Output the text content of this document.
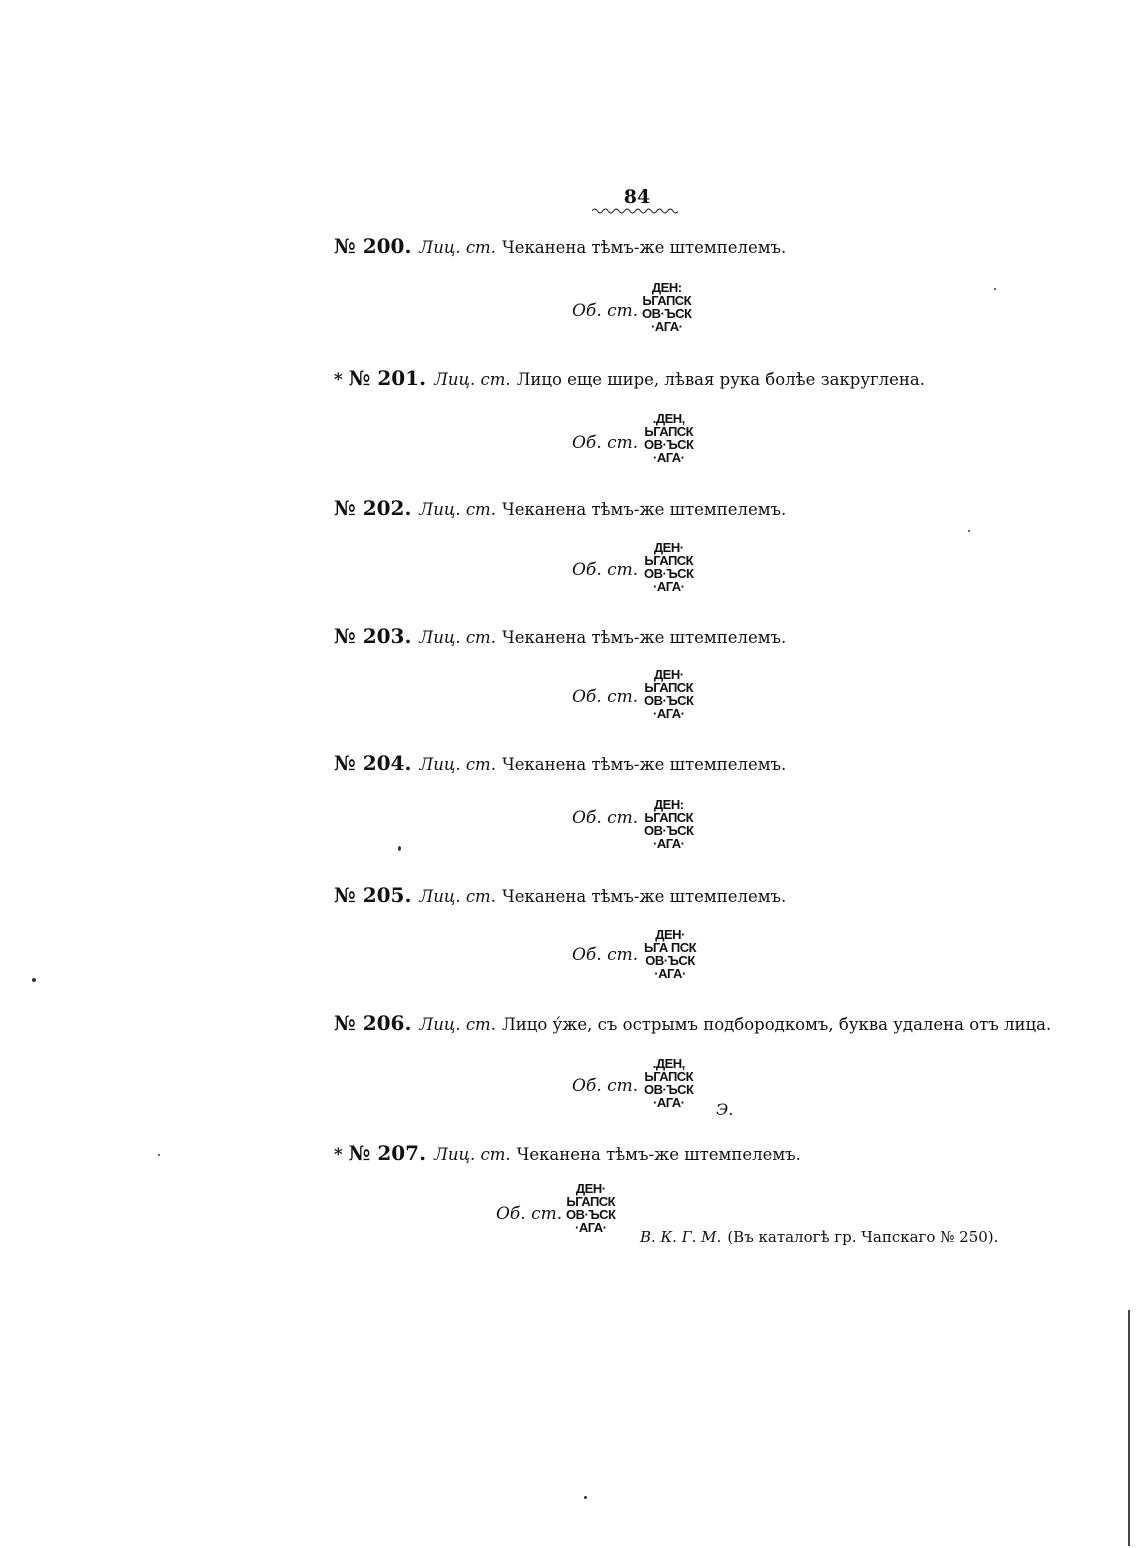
84
№ 200. Лиц. ст. Чеканена тѣмъ-же штемпелемъ.
Об. ст.
ДЕН:
ЬГАПСК
ОВ·ЪСК
·АГА·
* № 201. Лиц. ст. Лицо еще шире, лѣвая рука болѣе закруглена.
Об. ст.
.ДЕН,
ЬГАПСК
ОВ·ЪСК
·АГА·
№ 202. Лиц. ст. Чеканена тѣмъ-же штемпелемъ.
Об. ст.
ДЕН·
ЬГАПСК
ОВ·ЪСК
·АГА·
№ 203. Лиц. ст. Чеканена тѣмъ-же штемпелемъ.
Об. ст.
ДЕН·
ЬГАПСК
ОВ·ЪСК
·АГА·
№ 204. Лиц. ст. Чеканена тѣмъ-же штемпелемъ.
Об. ст.
ДЕН:
ЬГАПСК
ОВ·ЪСК
·АГА·
№ 205. Лиц. ст. Чеканена тѣмъ-же штемпелемъ.
Об. ст.
ДЕН·
ЬГА ПСК
ОВ·ЪСК
·АГА·
№ 206. Лиц. ст. Лицо у́же, съ острымъ подбородкомъ, буква удалена отъ лица.
Об. ст.
.ДЕН,
ЬГАПСК
ОВ·ЪСК
·АГА·	Э.
* № 207. Лиц. ст. Чеканена тѣмъ-же штемпелемъ.
Об. ст.
ДЕН·
ЬГАПСК
ОВ·ЪСК
·АГА·
В. К. Г. М. (Въ каталогѣ гр. Чапскаго № 250).
